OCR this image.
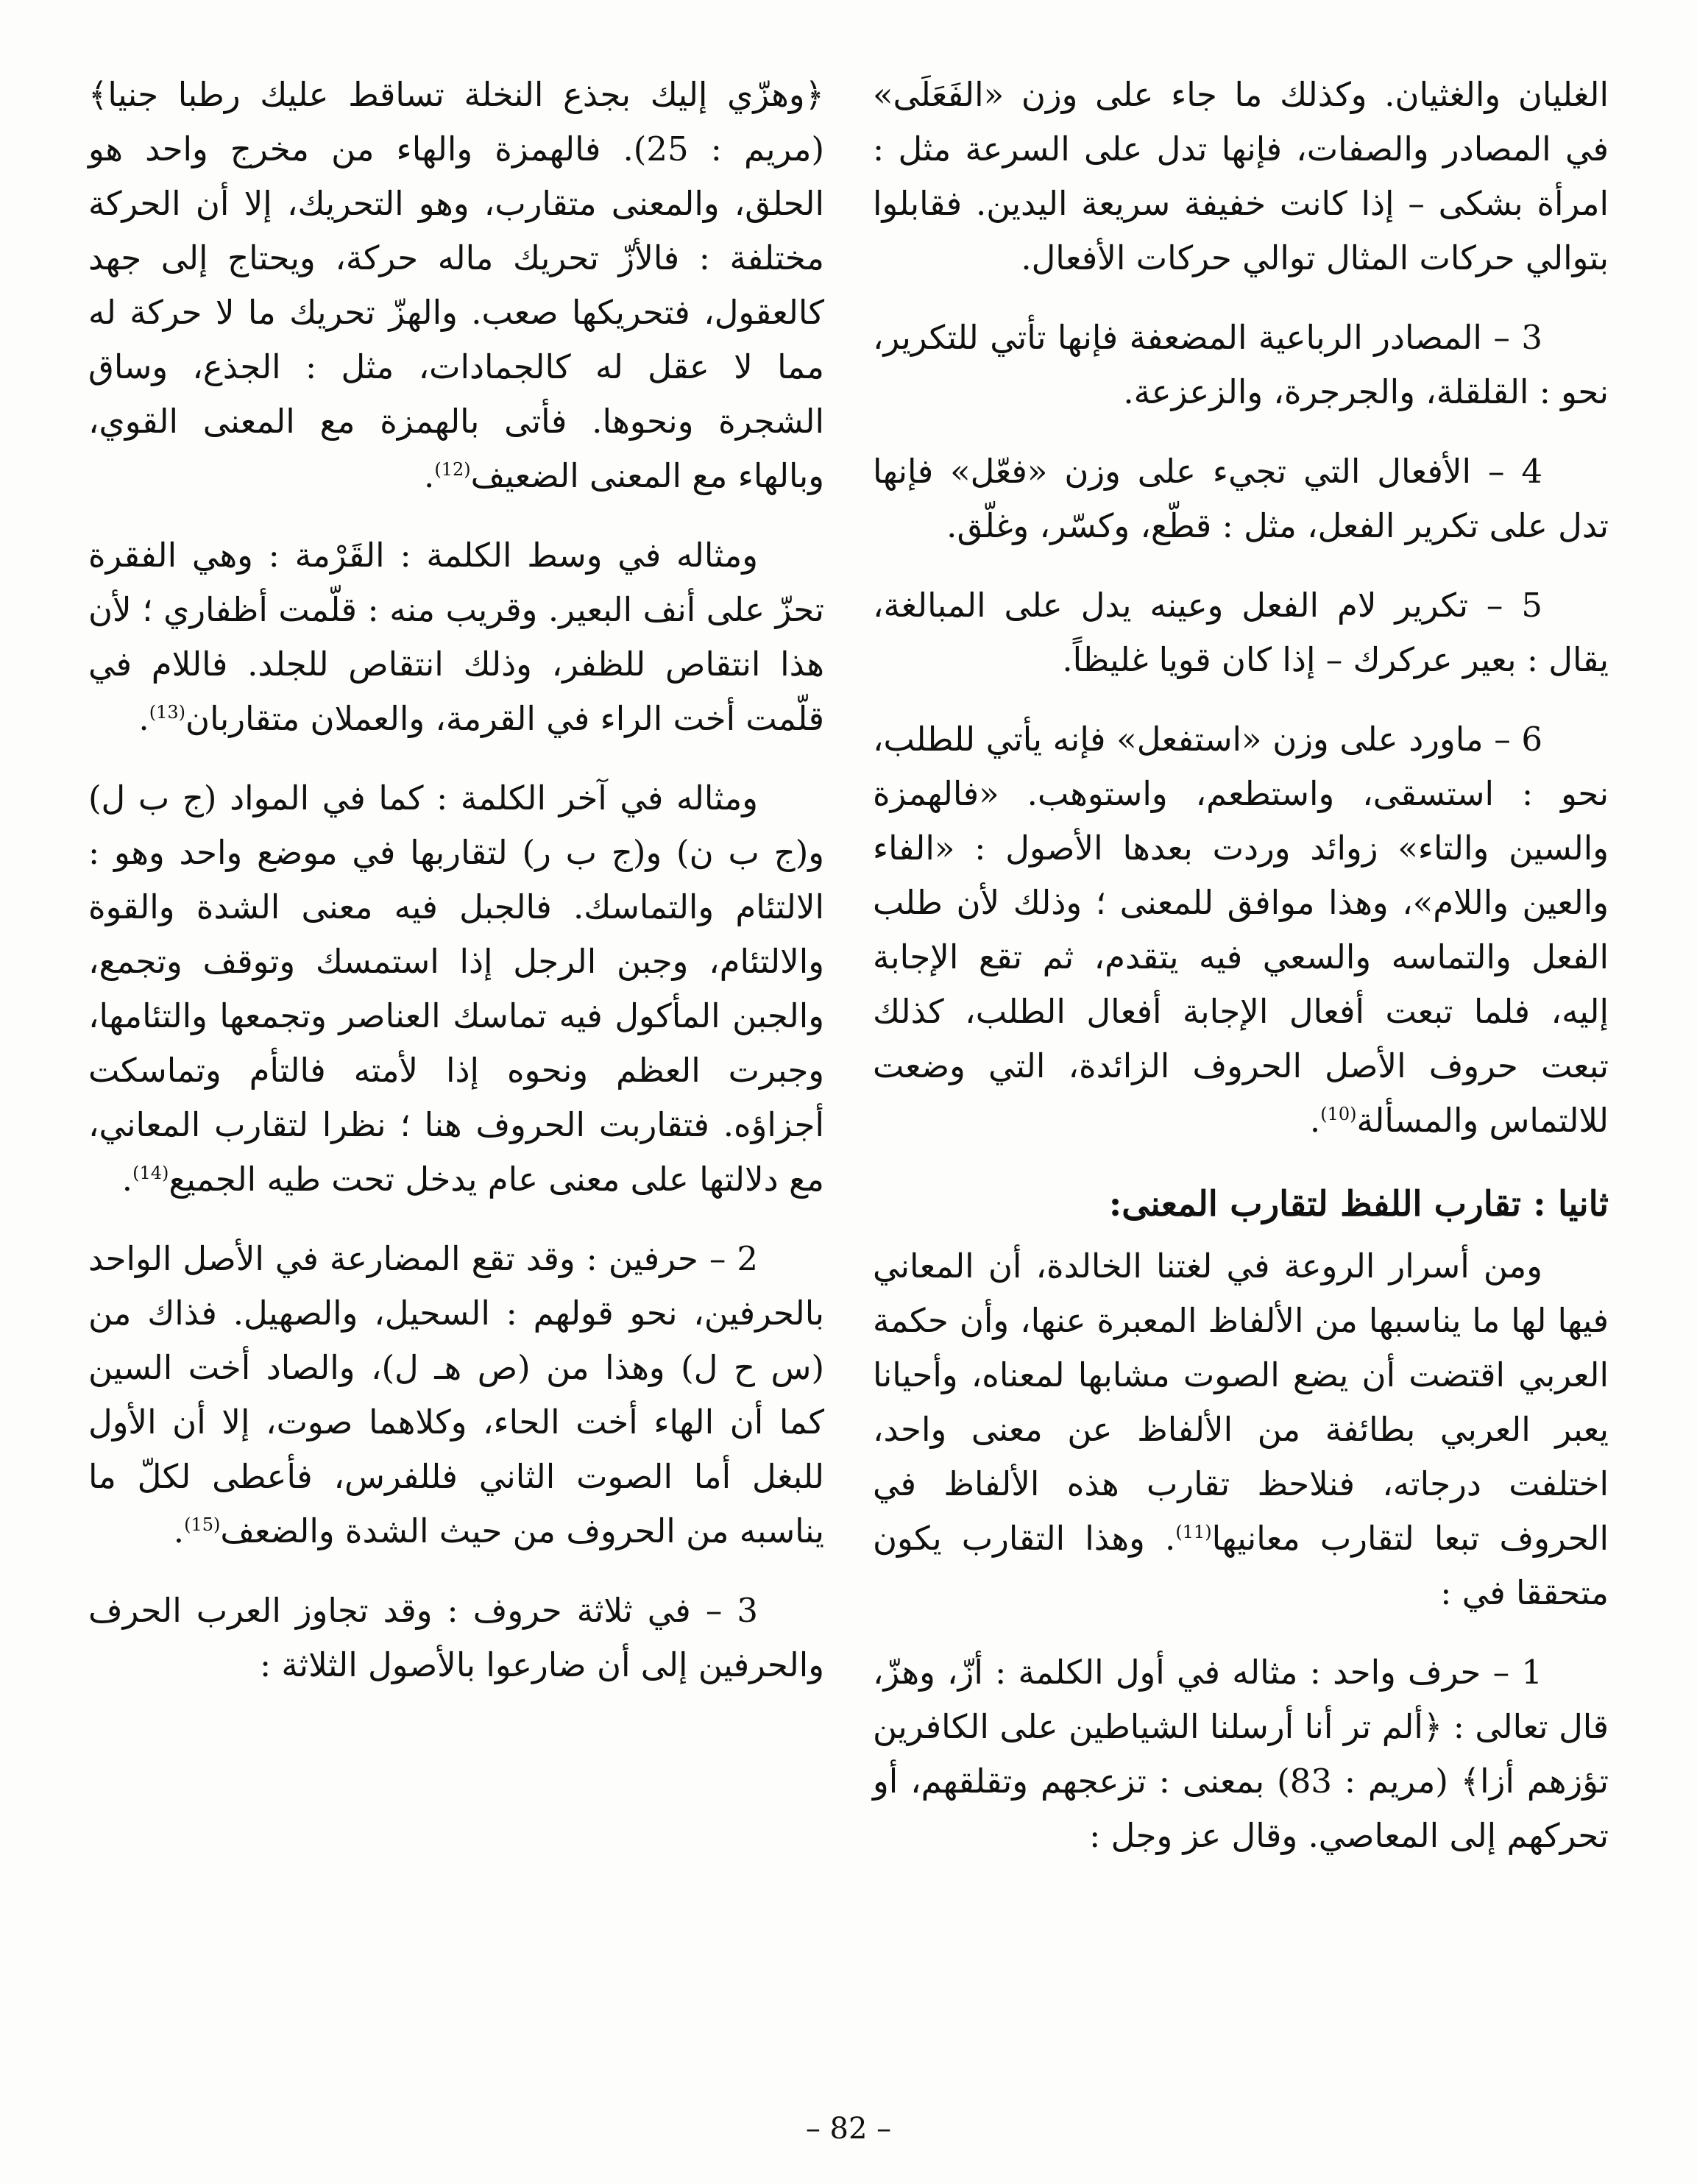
الغليان والغثيان. وكذلك ما جاء على وزن «الفَعَلَى» في المصادر والصفات، فإنها تدل على السرعة مثل : امرأة بشكى – إذا كانت خفيفة سريعة اليدين. فقابلوا بتوالي حركات المثال توالي حركات الأفعال.

3 – المصادر الرباعية المضعفة فإنها تأتي للتكرير، نحو : القلقلة، والجرجرة، والزعزعة.

4 – الأفعال التي تجيء على وزن «فعّل» فإنها تدل على تكرير الفعل، مثل : قطّع، وكسّر، وغلّق.

5 – تكرير لام الفعل وعينه يدل على المبالغة، يقال : بعير عركرك – إذا كان قويا غليظاً.

6 – ماورد على وزن «استفعل» فإنه يأتي للطلب، نحو : استسقى، واستطعم، واستوهب. «فالهمزة والسين والتاء» زوائد وردت بعدها الأصول : «الفاء والعين واللام»، وهذا موافق للمعنى ؛ وذلك لأن طلب الفعل والتماسه والسعي فيه يتقدم، ثم تقع الإجابة إليه، فلما تبعت أفعال الإجابة أفعال الطلب، كذلك تبعت حروف الأصل الحروف الزائدة، التي وضعت للالتماس والمسألة$^{(10)}$.

ثانيا : تقارب اللفظ لتقارب المعنى:

ومن أسرار الروعة في لغتنا الخالدة، أن المعاني فيها لها ما يناسبها من الألفاظ المعبرة عنها، وأن حكمة العربي اقتضت أن يضع الصوت مشابها لمعناه، وأحيانا يعبر العربي بطائفة من الألفاظ عن معنى واحد، اختلفت درجاته، فنلاحظ تقارب هذه الألفاظ في الحروف تبعا لتقارب معانيها$^{(11)}$. وهذا التقارب يكون متحققا في :

1 – حرف واحد : مثاله في أول الكلمة : أزّ، وهزّ، قال تعالى : ﴿ألم تر أنا أرسلنا الشياطين على الكافرين تؤزهم أزا﴾ (مريم : 83) بمعنى : تزعجهم وتقلقهم، أو تحركهم إلى المعاصي. وقال عز وجل :

﴿وهزّي إليك بجذع النخلة تساقط عليك رطبا جنيا﴾ (مريم : 25). فالهمزة والهاء من مخرج واحد هو الحلق، والمعنى متقارب، وهو التحريك، إلا أن الحركة مختلفة : فالأزّ تحريك ماله حركة، ويحتاج إلى جهد كالعقول، فتحريكها صعب. والهزّ تحريك ما لا حركة له مما لا عقل له كالجمادات، مثل : الجذع، وساق الشجرة ونحوها. فأتى بالهمزة مع المعنى القوي، وبالهاء مع المعنى الضعيف$^{(12)}$.

ومثاله في وسط الكلمة : القَرْمة : وهي الفقرة تحزّ على أنف البعير. وقريب منه : قلّمت أظفاري ؛ لأن هذا انتقاص للظفر، وذلك انتقاص للجلد. فاللام في قلّمت أخت الراء في القرمة، والعملان متقاربان$^{(13)}$.

ومثاله في آخر الكلمة : كما في المواد (ج ب ل) و(ج ب ن) و(ج ب ر) لتقاربها في موضع واحد وهو : الالتئام والتماسك. فالجبل فيه معنى الشدة والقوة والالتئام، وجبن الرجل إذا استمسك وتوقف وتجمع، والجبن المأكول فيه تماسك العناصر وتجمعها والتئامها، وجبرت العظم ونحوه إذا لأمته فالتأم وتماسكت أجزاؤه. فتقاربت الحروف هنا ؛ نظرا لتقارب المعاني، مع دلالتها على معنى عام يدخل تحت طيه الجميع$^{(14)}$.

2 – حرفين : وقد تقع المضارعة في الأصل الواحد بالحرفين، نحو قولهم : السحيل، والصهيل. فذاك من (س ح ل) وهذا من (ص هـ ل)، والصاد أخت السين كما أن الهاء أخت الحاء، وكلاهما صوت، إلا أن الأول للبغل أما الصوت الثاني فللفرس، فأعطى لكلّ ما يناسبه من الحروف من حيث الشدة والضعف$^{(15)}$.

3 – في ثلاثة حروف : وقد تجاوز العرب الحرف والحرفين إلى أن ضارعوا بالأصول الثلاثة :

– 82 –
